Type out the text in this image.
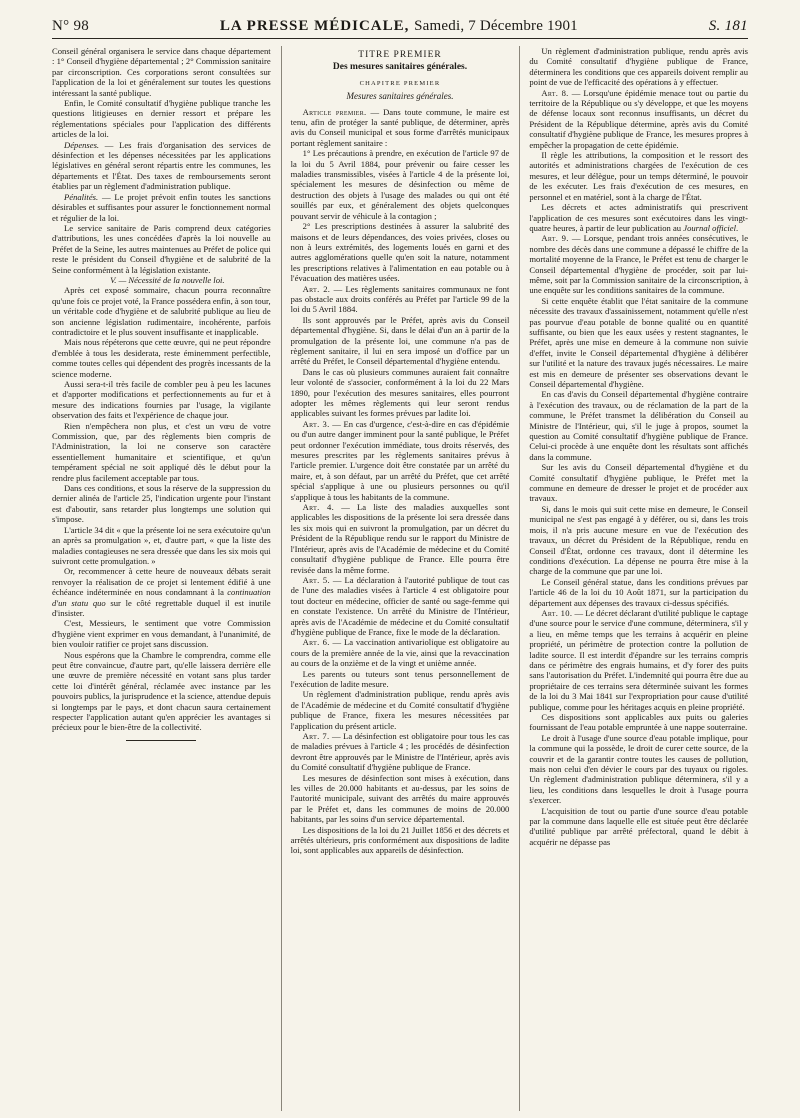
N° 98	LA PRESSE MÉDICALE, Samedi, 7 Décembre 1901	S. 181

Conseil général organisera le service dans chaque département : 1° Conseil d'hygiène départemental ; 2° Commission sanitaire par circonscription. Ces corporations seront consultées sur l'application de la loi et généralement sur toutes les questions intéressant la santé publique.

Enfin, le Comité consultatif d'hygiène publique tranche les questions litigieuses en dernier ressort et prépare les réglementations spéciales pour l'application des différents articles de la loi.

Dépenses. — Les frais d'organisation des services de désinfection et les dépenses nécessitées par les applications législatives en général seront répartis entre les communes, les départements et l'État. Des taxes de remboursements seront établies par un règlement d'administration publique.

Pénalités. — Le projet prévoit enfin toutes les sanctions désirables et suffisantes pour assurer le fonctionnement normal et régulier de la loi.

Le service sanitaire de Paris comprend deux catégories d'attributions, les unes concédées d'après la loi nouvelle au Préfet de la Seine, les autres maintenues au Préfet de police qui reste le président du Conseil d'hygiène et de salubrité de la Seine conformément à la législation existante.

V. — Nécessité de la nouvelle loi.

Après cet exposé sommaire, chacun pourra reconnaître qu'une fois ce projet voté, la France possédera enfin, à son tour, un véritable code d'hygiène et de salubrité publique au lieu de son ancienne législation rudimentaire, incohérente, parfois contradictoire et le plus souvent insuffisante et inapplicable.

Mais nous répéterons que cette œuvre, qui ne peut répondre d'emblée à tous les desiderata, reste éminemment perfectible, comme toutes celles qui dépendent des progrès incessants de la science moderne.

Aussi sera-t-il très facile de combler peu à peu les lacunes et d'apporter modifications et perfectionnements au fur et à mesure des indications fournies par l'usage, la vigilante observation des faits et l'expérience de chaque jour.

Rien n'empêchera non plus, et c'est un vœu de votre Commission, que, par des règlements bien compris de l'Administration, la loi ne conserve son caractère essentiellement humanitaire et scientifique, et qu'un tempérament spécial ne soit appliqué dès le début pour la rendre plus facilement acceptable par tous.

Dans ces conditions, et sous la réserve de la suppression du dernier alinéa de l'article 25, l'indication urgente pour l'instant est d'aboutir, sans retarder plus longtemps une solution qui s'impose.

L'article 34 dit « que la présente loi ne sera exécutoire qu'un an après sa promulgation », et, d'autre part, « que la liste des maladies contagieuses ne sera dressée que dans les six mois qui suivront cette promulgation. »

Or, recommencer à cette heure de nouveaux débats serait renvoyer la réalisation de ce projet si lentement édifié à une échéance indéterminée en nous condamnant à la continuation d'un statu quo sur le côté regrettable duquel il est inutile d'insister.

C'est, Messieurs, le sentiment que votre Commission d'hygiène vient exprimer en vous demandant, à l'unanimité, de bien vouloir ratifier ce projet sans discussion.

Nous espérons que la Chambre le comprendra, comme elle peut être convaincue, d'autre part, qu'elle laissera derrière elle une œuvre de première nécessité en votant sans plus tarder cette loi d'intérêt général, réclamée avec instance par les pouvoirs publics, la jurisprudence et la science, attendue depuis si longtemps par le pays, et dont chacun saura certainement respecter l'application autant qu'en apprécier les avantages si précieux pour le bien-être de la collectivité.

TITRE PREMIER
Des mesures sanitaires générales.
CHAPITRE PREMIER
Mesures sanitaires générales.

Article premier. — Dans toute commune, le maire est tenu, afin de protéger la santé publique, de déterminer, après avis du Conseil municipal et sous forme d'arrêtés municipaux portant règlement sanitaire :

1° Les précautions à prendre, en exécution de l'article 97 de la loi du 5 Avril 1884, pour prévenir ou faire cesser les maladies transmissibles, visées à l'article 4 de la présente loi, spécialement les mesures de désinfection ou même de destruction des objets à l'usage des malades ou qui ont été souillés par eux, et généralement des objets quelconques pouvant servir de véhicule à la contagion ;

2° Les prescriptions destinées à assurer la salubrité des maisons et de leurs dépendances, des voies privées, closes ou non à leurs extrémités, des logements loués en garni et des autres agglomérations quelle qu'en soit la nature, notamment les prescriptions relatives à l'alimentation en eau potable ou à l'évacuation des matières usées.

Art. 2. — Les règlements sanitaires communaux ne font pas obstacle aux droits conférés au Préfet par l'article 99 de la loi du 5 Avril 1884.

Ils sont approuvés par le Préfet, après avis du Conseil départemental d'hygiène. Si, dans le délai d'un an à partir de la promulgation de la présente loi, une commune n'a pas de règlement sanitaire, il lui en sera imposé un d'office par un arrêté du Préfet, le Conseil départemental d'hygiène entendu.

Dans le cas où plusieurs communes auraient fait connaître leur volonté de s'associer, conformément à la loi du 22 Mars 1890, pour l'exécution des mesures sanitaires, elles pourront adopter les mêmes règlements qui leur seront rendus applicables suivant les formes prévues par ladite loi.

Art. 3. — En cas d'urgence, c'est-à-dire en cas d'épidémie ou d'un autre danger imminent pour la santé publique, le Préfet peut ordonner l'exécution immédiate, tous droits réservés, des mesures prescrites par les règlements sanitaires prévus à l'article premier. L'urgence doit être constatée par un arrêté du maire, et, à son défaut, par un arrêté du Préfet, que cet arrêté spécial s'applique à une ou plusieurs personnes ou qu'il s'applique à tous les habitants de la commune.

Art. 4. — La liste des maladies auxquelles sont applicables les dispositions de la présente loi sera dressée dans les six mois qui en suivront la promulgation, par un décret du Président de la République rendu sur le rapport du Ministre de l'Intérieur, après avis de l'Académie de médecine et du Comité consultatif d'hygiène publique de France. Elle pourra être revisée dans la même forme.

Art. 5. — La déclaration à l'autorité publique de tout cas de l'une des maladies visées à l'article 4 est obligatoire pour tout docteur en médecine, officier de santé ou sage-femme qui en constate l'existence. Un arrêté du Ministre de l'Intérieur, après avis de l'Académie de médecine et du Comité consultatif d'hygiène publique de France, fixe le mode de la déclaration.

Art. 6. — La vaccination antivariolique est obligatoire au cours de la première année de la vie, ainsi que la revaccination au cours de la onzième et de la vingt et unième année.

Les parents ou tuteurs sont tenus personnellement de l'exécution de ladite mesure.

Un règlement d'administration publique, rendu après avis de l'Académie de médecine et du Comité consultatif d'hygiène publique de France, fixera les mesures nécessitées par l'application du présent article.

Art. 7. — La désinfection est obligatoire pour tous les cas de maladies prévues à l'article 4 ; les procédés de désinfection devront être approuvés par le Ministre de l'Intérieur, après avis du Comité consultatif d'hygiène publique de France.

Les mesures de désinfection sont mises à exécution, dans les villes de 20.000 habitants et au-dessus, par les soins de l'autorité municipale, suivant des arrêtés du maire approuvés par le Préfet et, dans les communes de moins de 20.000 habitants, par les soins d'un service départemental.

Les dispositions de la loi du 21 Juillet 1856 et des décrets et arrêtés ultérieurs, pris conformément aux dispositions de ladite loi, sont applicables aux appareils de désinfection.

Un règlement d'administration publique, rendu après avis du Comité consultatif d'hygiène publique de France, déterminera les conditions que ces appareils doivent remplir au point de vue de l'efficacité des opérations à y effectuer.

Art. 8. — Lorsqu'une épidémie menace tout ou partie du territoire de la République ou s'y développe, et que les moyens de défense locaux sont reconnus insuffisants, un décret du Président de la République détermine, après avis du Comité consultatif d'hygiène publique de France, les mesures propres à empêcher la propagation de cette épidémie.

Il règle les attributions, la composition et le ressort des autorités et administrations chargées de l'exécution de ces mesures, et leur délègue, pour un temps déterminé, le pouvoir de les exécuter. Les frais d'exécution de ces mesures, en personnel et en matériel, sont à la charge de l'État.

Les décrets et actes administratifs qui prescrivent l'application de ces mesures sont exécutoires dans les vingt-quatre heures, à partir de leur publication au Journal officiel.

Art. 9. — Lorsque, pendant trois années consécutives, le nombre des décès dans une commune a dépassé le chiffre de la mortalité moyenne de la France, le Préfet est tenu de charger le Conseil départemental d'hygiène de procéder, soit par lui-même, soit par la Commission sanitaire de la circonscription, à une enquête sur les conditions sanitaires de la commune.

Si cette enquête établit que l'état sanitaire de la commune nécessite des travaux d'assainissement, notamment qu'elle n'est pas pourvue d'eau potable de bonne qualité ou en quantité suffisante, ou bien que les eaux usées y restent stagnantes, le Préfet, après une mise en demeure à la commune non suivie d'effet, invite le Conseil départemental d'hygiène à délibérer sur l'utilité et la nature des travaux jugés nécessaires. Le maire est mis en demeure de présenter ses observations devant le Conseil départemental d'hygiène.

En cas d'avis du Conseil départemental d'hygiène contraire à l'exécution des travaux, ou de réclamation de la part de la commune, le Préfet transmet la délibération du Conseil au Ministre de l'Intérieur, qui, s'il le juge à propos, soumet la question au Comité consultatif d'hygiène publique de France. Celui-ci procède à une enquête dont les résultats sont affichés dans la commune.

Sur les avis du Conseil départemental d'hygiène et du Comité consultatif d'hygiène publique, le Préfet met la commune en demeure de dresser le projet et de procéder aux travaux.

Si, dans le mois qui suit cette mise en demeure, le Conseil municipal ne s'est pas engagé à y déférer, ou si, dans les trois mois, il n'a pris aucune mesure en vue de l'exécution des travaux, un décret du Président de la République, rendu en Conseil d'État, ordonne ces travaux, dont il détermine les conditions d'exécution. La dépense ne pourra être mise à la charge de la commune que par une loi.

Le Conseil général statue, dans les conditions prévues par l'article 46 de la loi du 10 Août 1871, sur la participation du département aux dépenses des travaux ci-dessus spécifiés.

Art. 10. — Le décret déclarant d'utilité publique le captage d'une source pour le service d'une commune, déterminera, s'il y a lieu, en même temps que les terrains à acquérir en pleine propriété, un périmètre de protection contre la pollution de ladite source. Il est interdit d'épandre sur les terrains compris dans ce périmètre des engrais humains, et d'y forer des puits sans l'autorisation du Préfet. L'indemnité qui pourra être due au propriétaire de ces terrains sera déterminée suivant les formes de la loi du 3 Mai 1841 sur l'expropriation pour cause d'utilité publique, comme pour les héritages acquis en pleine propriété.

Ces dispositions sont applicables aux puits ou galeries fournissant de l'eau potable empruntée à une nappe souterraine.

Le droit à l'usage d'une source d'eau potable implique, pour la commune qui la possède, le droit de curer cette source, de la couvrir et de la garantir contre toutes les causes de pollution, mais non celui d'en dévier le cours par des tuyaux ou rigoles. Un règlement d'administration publique déterminera, s'il y a lieu, les conditions dans lesquelles le droit à l'usage pourra s'exercer.

L'acquisition de tout ou partie d'une source d'eau potable par la commune dans laquelle elle est située peut être déclarée d'utilité publique par arrêté préfectoral, quand le débit à acquérir ne dépasse pas
